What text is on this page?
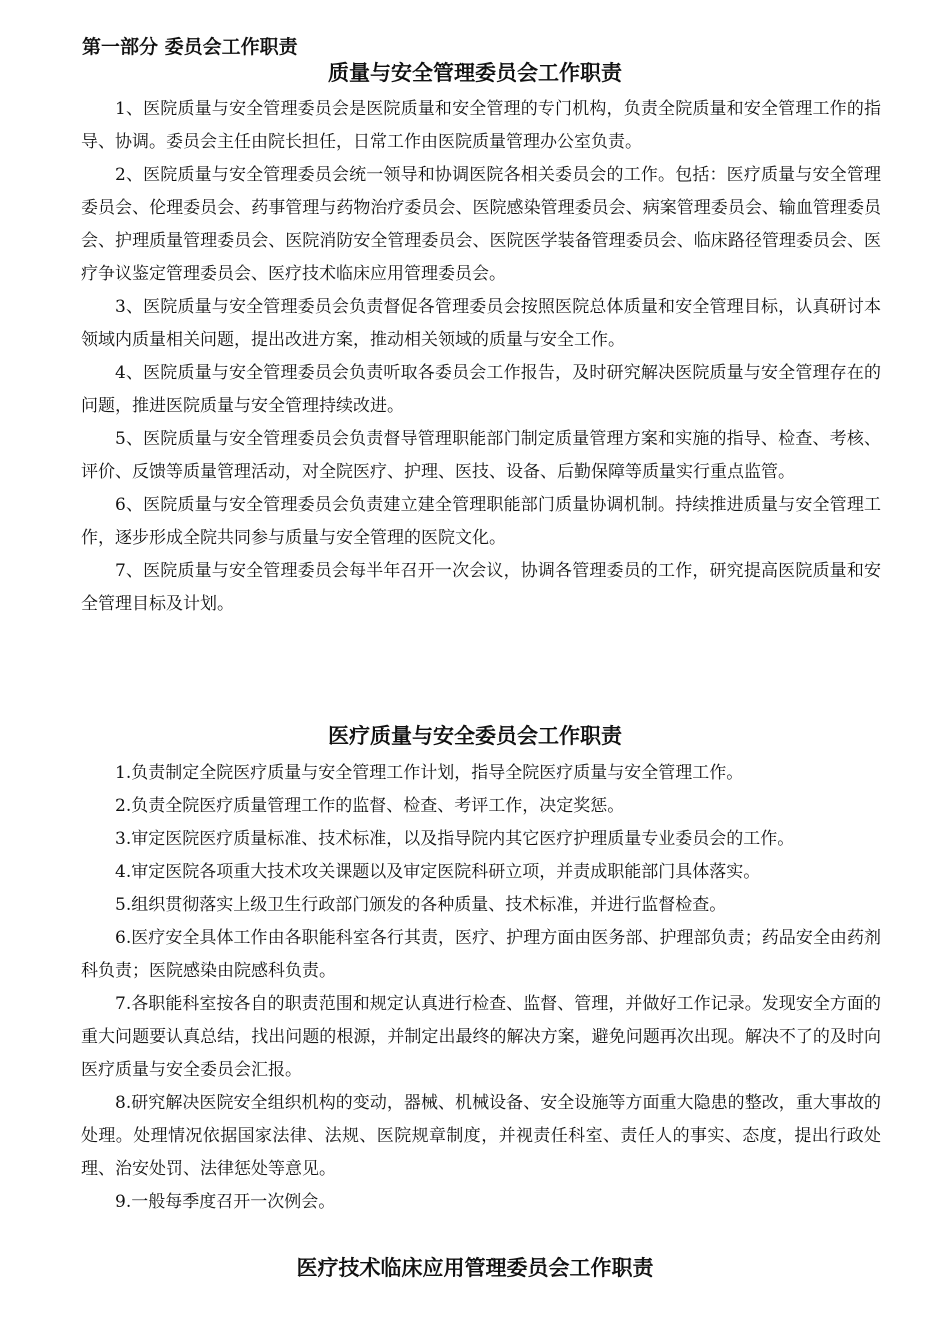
第一部分 委员会工作职责
质量与安全管理委员会工作职责

1、医院质量与安全管理委员会是医院质量和安全管理的专门机构，负责全院质量和安全管理工作的指导、协调。委员会主任由院长担任，日常工作由医院质量管理办公室负责。

2、医院质量与安全管理委员会统一领导和协调医院各相关委员会的工作。包括：医疗质量与安全管理委员会、伦理委员会、药事管理与药物治疗委员会、医院感染管理委员会、病案管理委员会、输血管理委员会、护理质量管理委员会、医院消防安全管理委员会、医院医学装备管理委员会、临床路径管理委员会、医疗争议鉴定管理委员会、医疗技术临床应用管理委员会。

3、医院质量与安全管理委员会负责督促各管理委员会按照医院总体质量和安全管理目标，认真研讨本领域内质量相关问题，提出改进方案，推动相关领域的质量与安全工作。

4、医院质量与安全管理委员会负责听取各委员会工作报告，及时研究解决医院质量与安全管理存在的问题，推进医院质量与安全管理持续改进。

5、医院质量与安全管理委员会负责督导管理职能部门制定质量管理方案和实施的指导、检查、考核、评价、反馈等质量管理活动，对全院医疗、护理、医技、设备、后勤保障等质量实行重点监管。

6、医院质量与安全管理委员会负责建立建全管理职能部门质量协调机制。持续推进质量与安全管理工作，逐步形成全院共同参与质量与安全管理的医院文化。

7、医院质量与安全管理委员会每半年召开一次会议，协调各管理委员的工作，研究提高医院质量和安全管理目标及计划。

医疗质量与安全委员会工作职责

1.负责制定全院医疗质量与安全管理工作计划，指导全院医疗质量与安全管理工作。

2.负责全院医疗质量管理工作的监督、检查、考评工作，决定奖惩。

3.审定医院医疗质量标准、技术标准，以及指导院内其它医疗护理质量专业委员会的工作。

4.审定医院各项重大技术攻关课题以及审定医院科研立项，并责成职能部门具体落实。

5.组织贯彻落实上级卫生行政部门颁发的各种质量、技术标准，并进行监督检查。

6.医疗安全具体工作由各职能科室各行其责，医疗、护理方面由医务部、护理部负责；药品安全由药剂科负责；医院感染由院感科负责。

7.各职能科室按各自的职责范围和规定认真进行检查、监督、管理，并做好工作记录。发现安全方面的重大问题要认真总结，找出问题的根源，并制定出最终的解决方案，避免问题再次出现。解决不了的及时向医疗质量与安全委员会汇报。

8.研究解决医院安全组织机构的变动，器械、机械设备、安全设施等方面重大隐患的整改，重大事故的处理。处理情况依据国家法律、法规、医院规章制度，并视责任科室、责任人的事实、态度，提出行政处理、治安处罚、法律惩处等意见。

9.一般每季度召开一次例会。

医疗技术临床应用管理委员会工作职责
